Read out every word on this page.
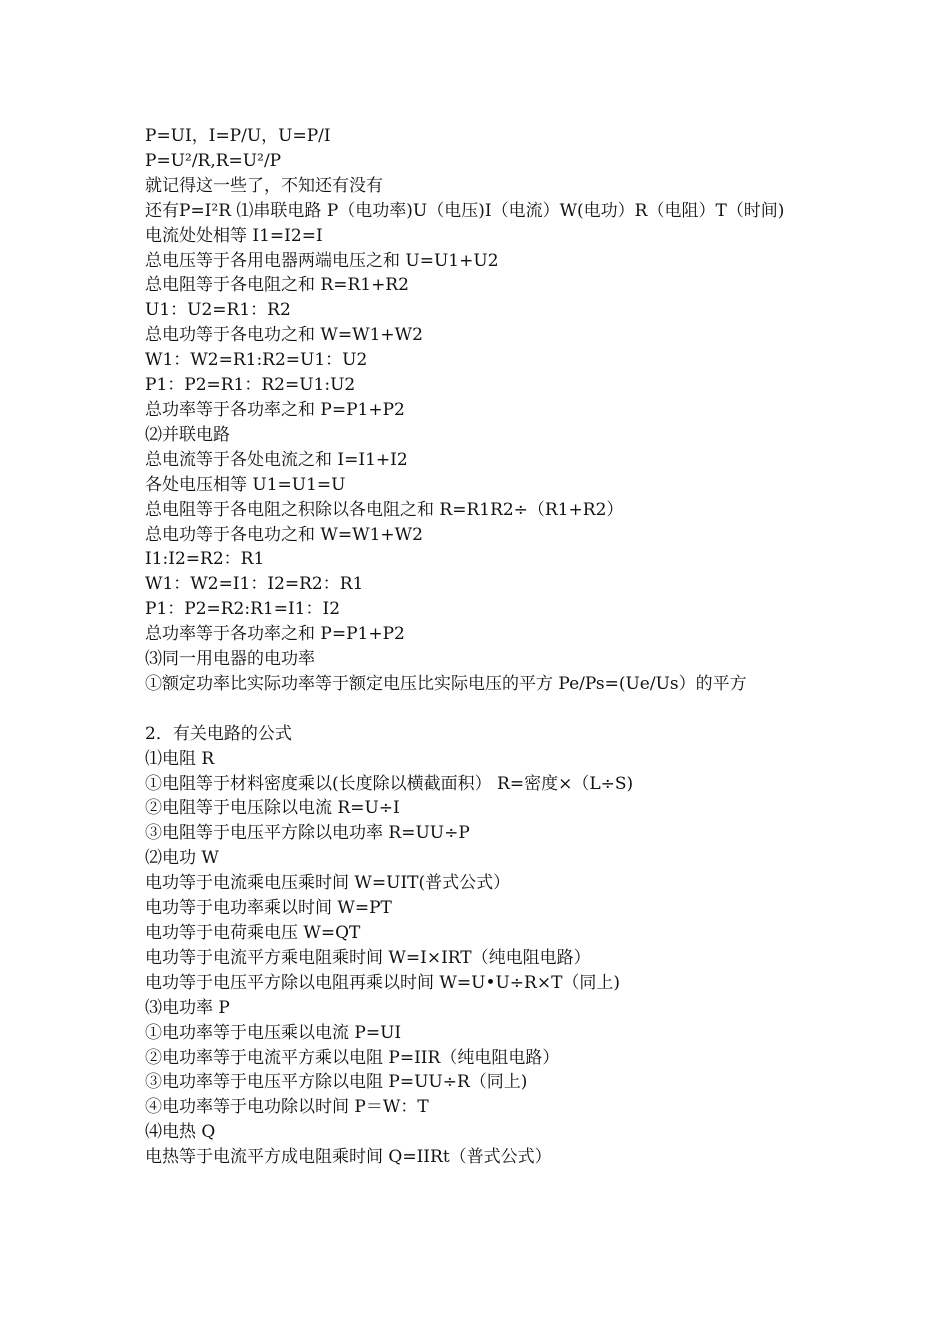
P=UI，I=P/U，U=P/I
P=U²/R,R=U²/P
就记得这一些了，不知还有没有
还有P=I²R ⑴串联电路 P（电功率)U（电压)I（电流）W(电功）R（电阻）T（时间)
电流处处相等 I1=I2=I
总电压等于各用电器两端电压之和 U=U1+U2
总电阻等于各电阻之和 R=R1+R2
U1：U2=R1：R2
总电功等于各电功之和 W=W1+W2
W1：W2=R1:R2=U1：U2
P1：P2=R1：R2=U1:U2
总功率等于各功率之和 P=P1+P2
⑵并联电路
总电流等于各处电流之和 I=I1+I2
各处电压相等 U1=U1=U
总电阻等于各电阻之积除以各电阻之和 R=R1R2÷（R1+R2）
总电功等于各电功之和 W=W1+W2
I1:I2=R2：R1
W1：W2=I1：I2=R2：R1
P1：P2=R2:R1=I1：I2
总功率等于各功率之和 P=P1+P2
⑶同一用电器的电功率
①额定功率比实际功率等于额定电压比实际电压的平方 Pe/Ps=(Ue/Us）的平方
2．有关电路的公式
⑴电阻 R
①电阻等于材料密度乘以(长度除以横截面积） R=密度×（L÷S)
②电阻等于电压除以电流 R=U÷I
③电阻等于电压平方除以电功率 R=UU÷P
⑵电功 W
电功等于电流乘电压乘时间 W=UIT(普式公式）
电功等于电功率乘以时间 W=PT
电功等于电荷乘电压 W=QT
电功等于电流平方乘电阻乘时间 W=I×IRT（纯电阻电路）
电功等于电压平方除以电阻再乘以时间 W=U•U÷R×T（同上)
⑶电功率 P
①电功率等于电压乘以电流 P=UI
②电功率等于电流平方乘以电阻 P=IIR（纯电阻电路）
③电功率等于电压平方除以电阻 P=UU÷R（同上)
④电功率等于电功除以时间 P＝W：T
⑷电热 Q
电热等于电流平方成电阻乘时间 Q=IIRt（普式公式）
